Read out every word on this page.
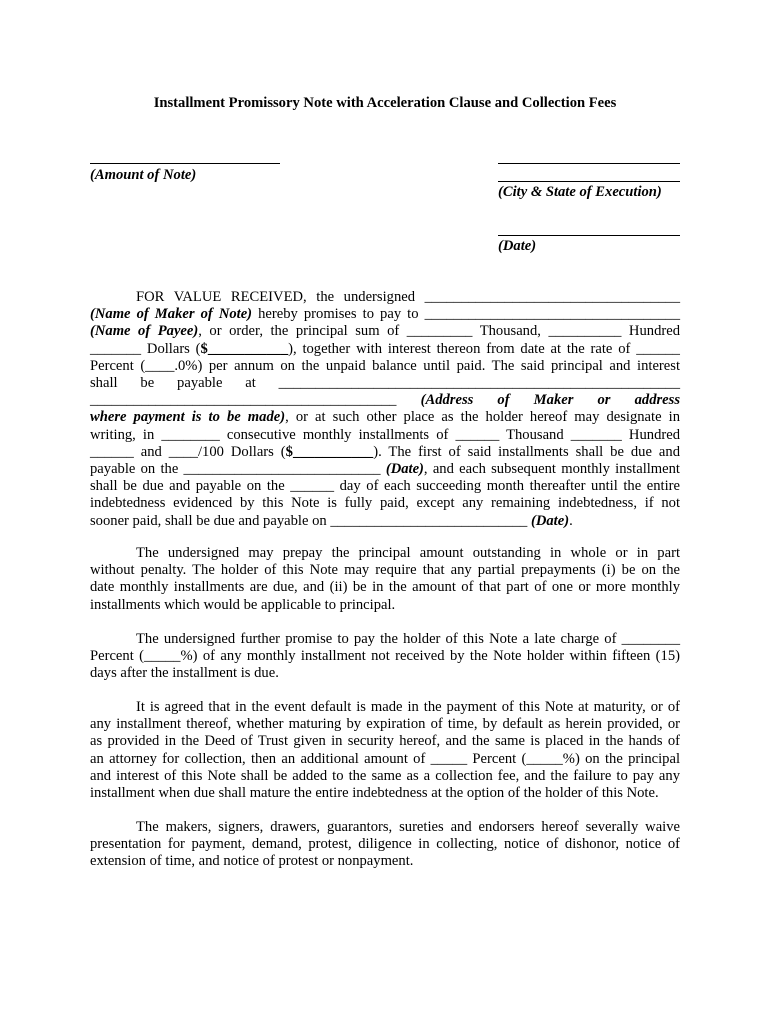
Installment Promissory Note with Acceleration Clause and Collection Fees
(Amount of Note)
(City & State of Execution)
(Date)
FOR VALUE RECEIVED, the undersigned ___________________________________
(Name of Maker of Note) hereby promises to pay to ___________________________________
(Name of Payee), or order, the principal sum of _________ Thousand, __________ Hundred
_______ Dollars ($___________), together with interest thereon from date at the rate of ______
Percent (____.0%) per annum on the unpaid balance until paid. The said principal and interest
shall be payable at _______________________________________________________
__________________________________________ (Address of Maker or address
where payment is to be made), or at such other place as the holder hereof may designate in
writing, in ________ consecutive monthly installments of ______ Thousand _______ Hundred
______ and ____/100 Dollars ($___________). The first of said installments shall be due and
payable on the ___________________________ (Date), and each subsequent monthly installment
shall be due and payable on the ______ day of each succeeding month thereafter until the entire
indebtedness evidenced by this Note is fully paid, except any remaining indebtedness, if not
sooner paid, shall be due and payable on ___________________________ (Date).
The undersigned may prepay the principal amount outstanding in whole or in part
without penalty. The holder of this Note may require that any partial prepayments (i) be on the
date monthly installments are due, and (ii) be in the amount of that part of one or more monthly
installments which would be applicable to principal.
The undersigned further promise to pay the holder of this Note a late charge of ________
Percent (_____%) of any monthly installment not received by the Note holder within fifteen (15)
days after the installment is due.
It is agreed that in the event default is made in the payment of this Note at maturity, or of
any installment thereof, whether maturing by expiration of time, by default as herein provided, or
as provided in the Deed of Trust given in security hereof, and the same is placed in the hands of
an attorney for collection, then an additional amount of _____ Percent (_____%) on the principal
and interest of this Note shall be added to the same as a collection fee, and the failure to pay any
installment when due shall mature the entire indebtedness at the option of the holder of this Note.
The makers, signers, drawers, guarantors, sureties and endorsers hereof severally waive
presentation for payment, demand, protest, diligence in collecting, notice of dishonor, notice of
extension of time, and notice of protest or nonpayment.
